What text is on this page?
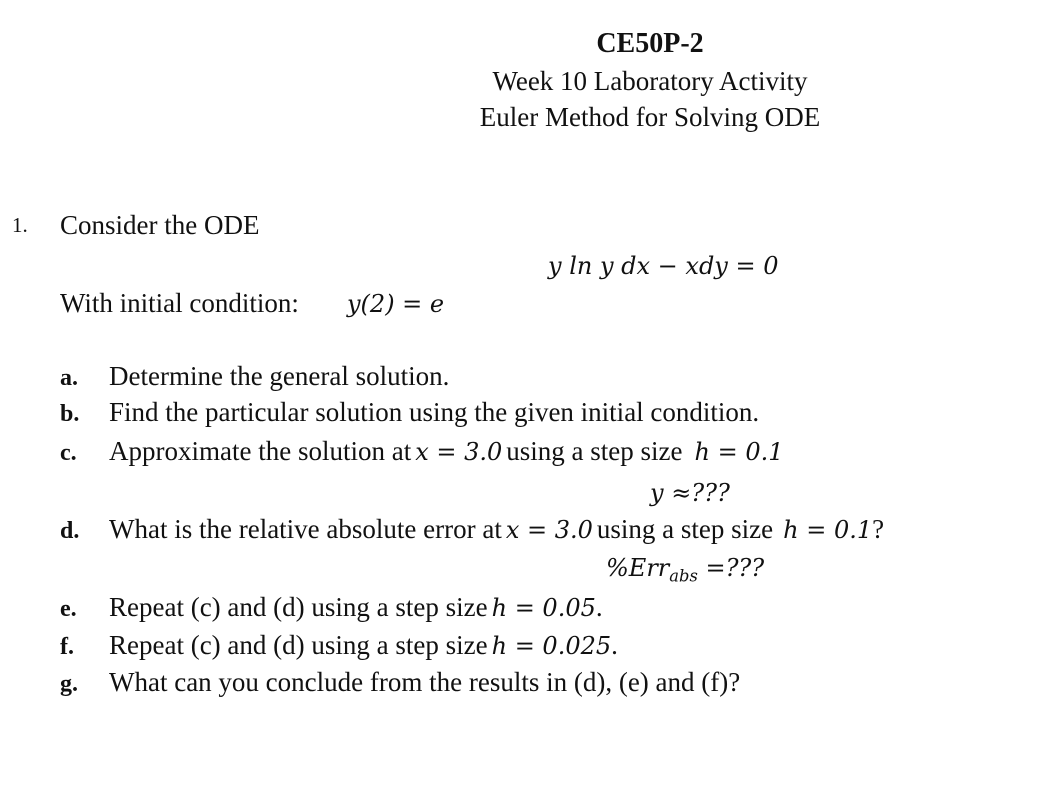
CE50P-2
Week 10 Laboratory Activity
Euler Method for Solving ODE
1. Consider the ODE
y ln y dx − xdy = 0
With initial condition: y(2) = e
a. Determine the general solution.
b. Find the particular solution using the given initial condition.
c. Approximate the solution at x = 3.0 using a step size h = 0.1
y ≈???
d. What is the relative absolute error at x = 3.0 using a step size h = 0.1?
%Err$_{abs}$ =???
e. Repeat (c) and (d) using a step size h = 0.05.
f. Repeat (c) and (d) using a step size h = 0.025.
g. What can you conclude from the results in (d), (e) and (f)?
